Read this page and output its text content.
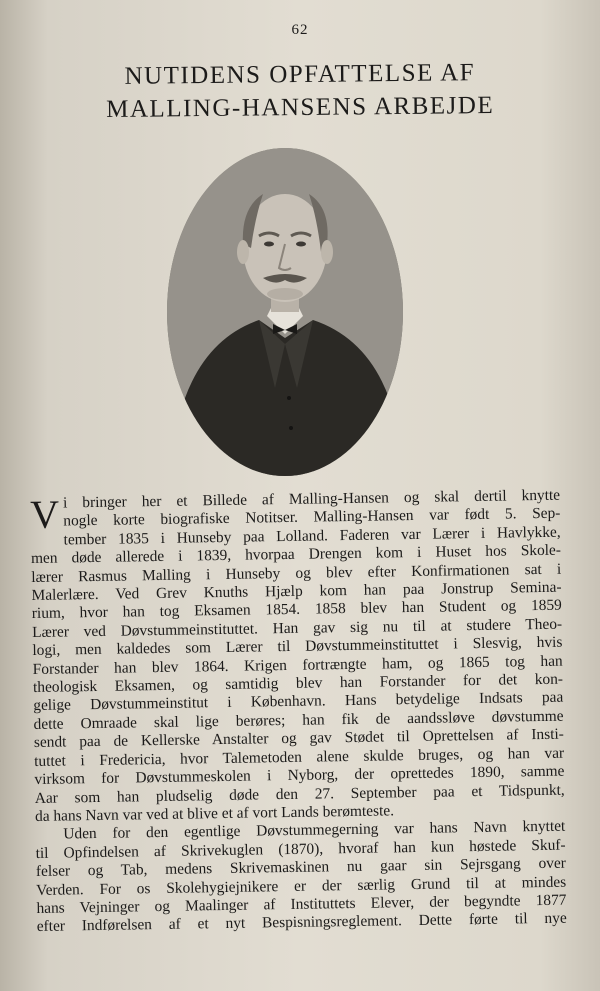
62
NUTIDENS OPFATTELSE AF
MALLING-HANSENS ARBEJDE

V i bringer her et Billede af Malling-Hansen og skal dertil knytte
nogle korte biografiske Notitser. Malling-Hansen var født 5. Sep-
tember 1835 i Hunseby paa Lolland. Faderen var Lærer i Havlykke,
men døde allerede i 1839, hvorpaa Drengen kom i Huset hos Skole-
lærer Rasmus Malling i Hunseby og blev efter Konfirmationen sat i
Malerlære. Ved Grev Knuths Hjælp kom han paa Jonstrup Semina-
rium, hvor han tog Eksamen 1854. 1858 blev han Student og 1859
Lærer ved Døvstummeinstituttet. Han gav sig nu til at studere Theo-
logi, men kaldedes som Lærer til Døvstummeinstituttet i Slesvig, hvis
Forstander han blev 1864. Krigen fortrængte ham, og 1865 tog han
theologisk Eksamen, og samtidig blev han Forstander for det kon-
gelige Døvstummeinstitut i København. Hans betydelige Indsats paa
dette Omraade skal lige berøres; han fik de aandssløve døvstumme
sendt paa de Kellerske Anstalter og gav Stødet til Oprettelsen af Insti-
tuttet i Fredericia, hvor Talemetoden alene skulde bruges, og han var
virksom for Døvstummeskolen i Nyborg, der oprettedes 1890, samme
Aar som han pludselig døde den 27. September paa et Tidspunkt,
da hans Navn var ved at blive et af vort Lands berømteste.

Uden for den egentlige Døvstummegerning var hans Navn knyttet
til Opfindelsen af Skrivekuglen (1870), hvoraf han kun høstede Skuf-
felser og Tab, medens Skrivemaskinen nu gaar sin Sejrsgang over
Verden. For os Skolehygiejnikere er der særlig Grund til at mindes
hans Vejninger og Maalinger af Instituttets Elever, der begyndte 1877
efter Indførelsen af et nyt Bespisningsreglement. Dette førte til nye
